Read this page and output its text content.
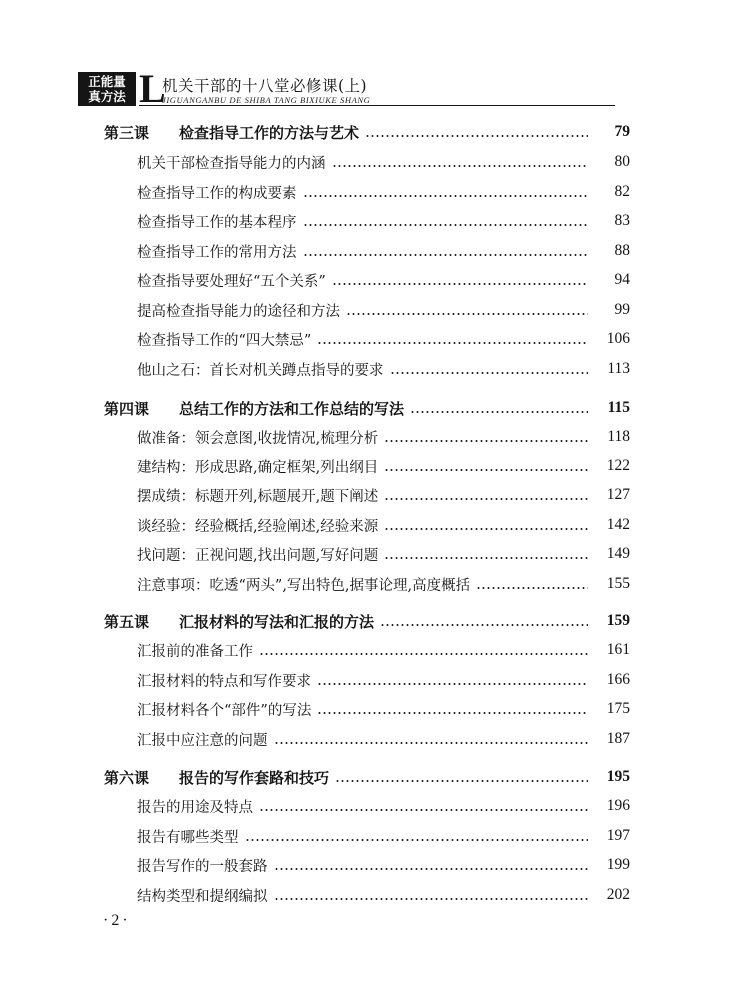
正能量
真方法 L
机关干部的十八堂必修课(上)
JIGUANGANBU DE SHIBA TANG BIXIUKE SHANG
第三课 检查指导工作的方法与艺术	79
机关干部检查指导能力的内涵	80
检查指导工作的构成要素	82
检查指导工作的基本程序	83
检查指导工作的常用方法	88
检查指导要处理好“五个关系”	94
提高检查指导能力的途径和方法	99
检查指导工作的“四大禁忌”	106
他山之石：首长对机关蹲点指导的要求	113
第四课 总结工作的方法和工作总结的写法	115
做准备：领会意图,收拢情况,梳理分析	118
建结构：形成思路,确定框架,列出纲目	122
摆成绩：标题开列,标题展开,题下阐述	127
谈经验：经验概括,经验阐述,经验来源	142
找问题：正视问题,找出问题,写好问题	149
注意事项：吃透“两头”,写出特色,据事论理,高度概括	155
第五课 汇报材料的写法和汇报的方法	159
汇报前的准备工作	161
汇报材料的特点和写作要求	166
汇报材料各个“部件”的写法	175
汇报中应注意的问题	187
第六课 报告的写作套路和技巧	195
报告的用途及特点	196
报告有哪些类型	197
报告写作的一般套路	199
结构类型和提纲编拟	202
·2·
